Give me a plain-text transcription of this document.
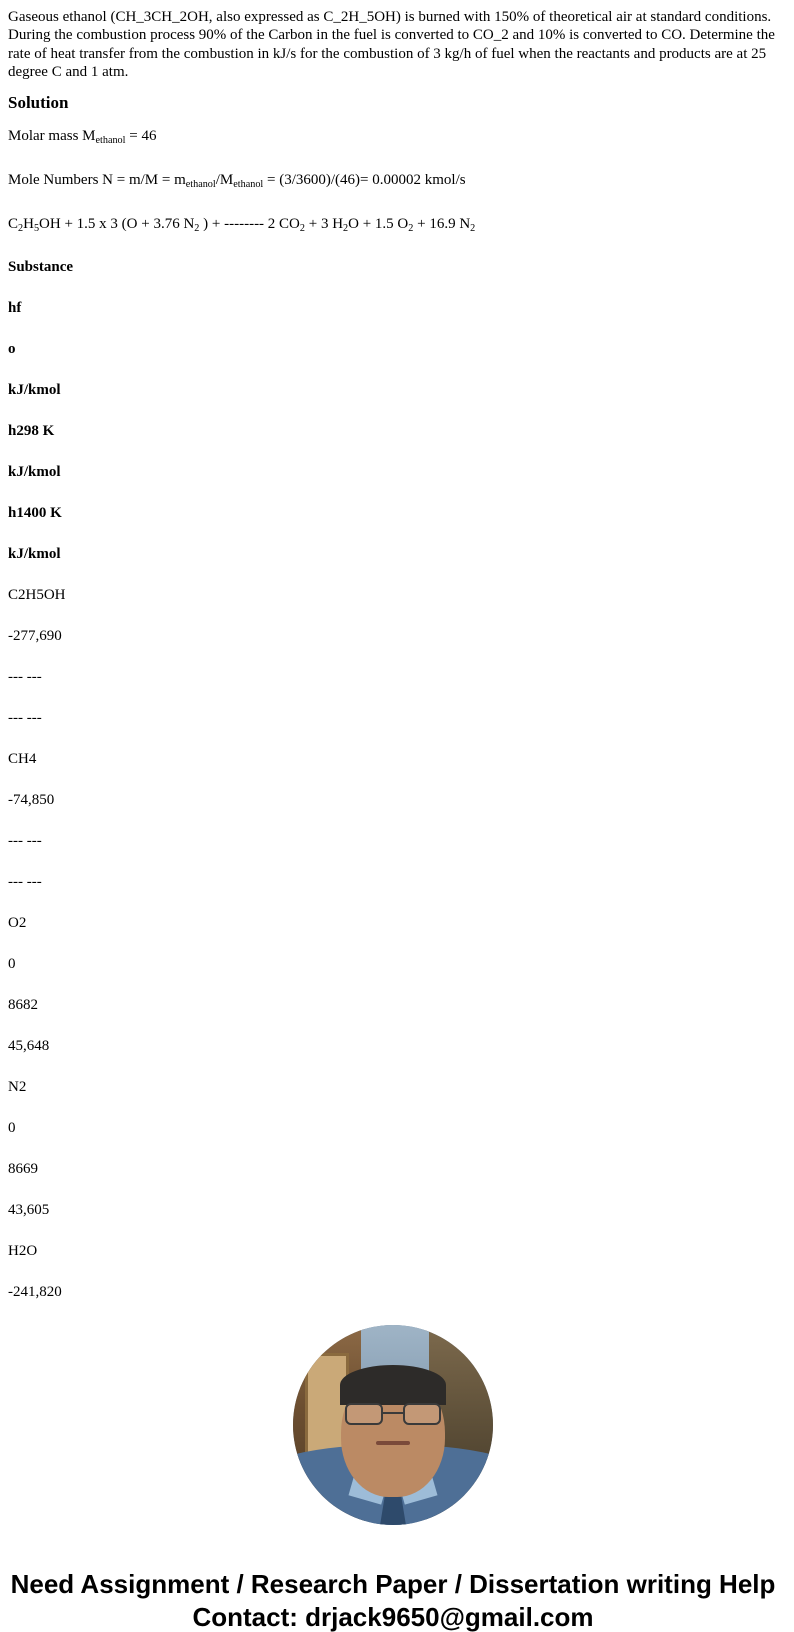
Gaseous ethanol (CH_3CH_2OH, also expressed as C_2H_5OH) is burned with 150% of theoretical air at standard conditions. During the combustion process 90% of the Carbon in the fuel is converted to CO_2 and 10% is converted to CO. Determine the rate of heat transfer from the combustion in kJ/s for the combustion of 3 kg/h of fuel when the reactants and products are at 25 degree C and 1 atm.

Solution
Molar mass $M_{ethanol} = 46$
Mole Numbers $N = m/M = m_{ethanol}/M_{ethanol} = (3/3600)/(46)= 0.00002$ kmol/s
$C_2H_5OH + 1.5$ x 3 (O + 3.76 $N_2$ ) + -------- 2 $CO_2 + 3$ $H_2O + 1.5$ $O_2 + 16.9$ $N_2$
Substance
hf
o
kJ/kmol
h298 K
kJ/kmol
h1400 K
kJ/kmol
C2H5OH
-277,690
--- ---
--- ---
CH4
-74,850
--- ---
--- ---
O2
0
8682
45,648
N2
0
8669
43,605
H2O
-241,820
Need Assignment / Research Paper / Dissertation writing Help
Contact: drjack9650@gmail.com
